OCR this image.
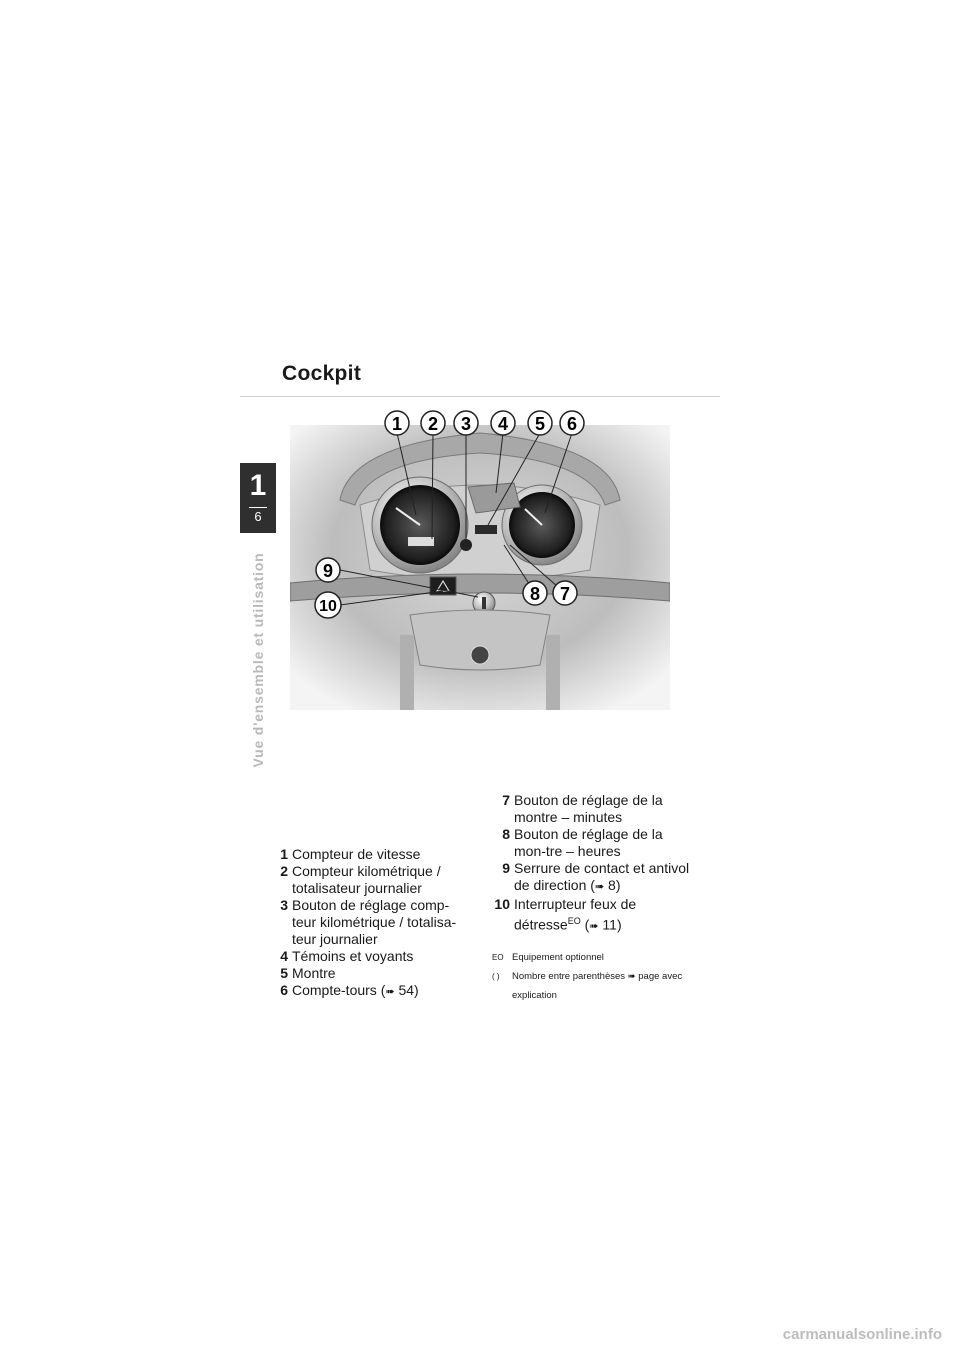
Cockpit
1
6
Vue d'ensemble et utilisation
1 2 3 4 5 6
7
8
9
10
1 Compteur de vitesse
2 Compteur kilométrique / totalisateur journalier
3 Bouton de réglage comp-teur kilométrique / totalisa-teur journalier
4 Témoins et voyants
5 Montre
6 Compte-tours (➠ 54)
7 Bouton de réglage de la montre – minutes
8 Bouton de réglage de la mon-tre – heures
9 Serrure de contact et antivol de direction (➠ 8)
10 Interrupteur feux de détresse$^{EO}$ (➠ 11)
EO Equipement optionnel
( )	Nombre entre parenthèses ➠ page avec explication
carmanualsonline.info
